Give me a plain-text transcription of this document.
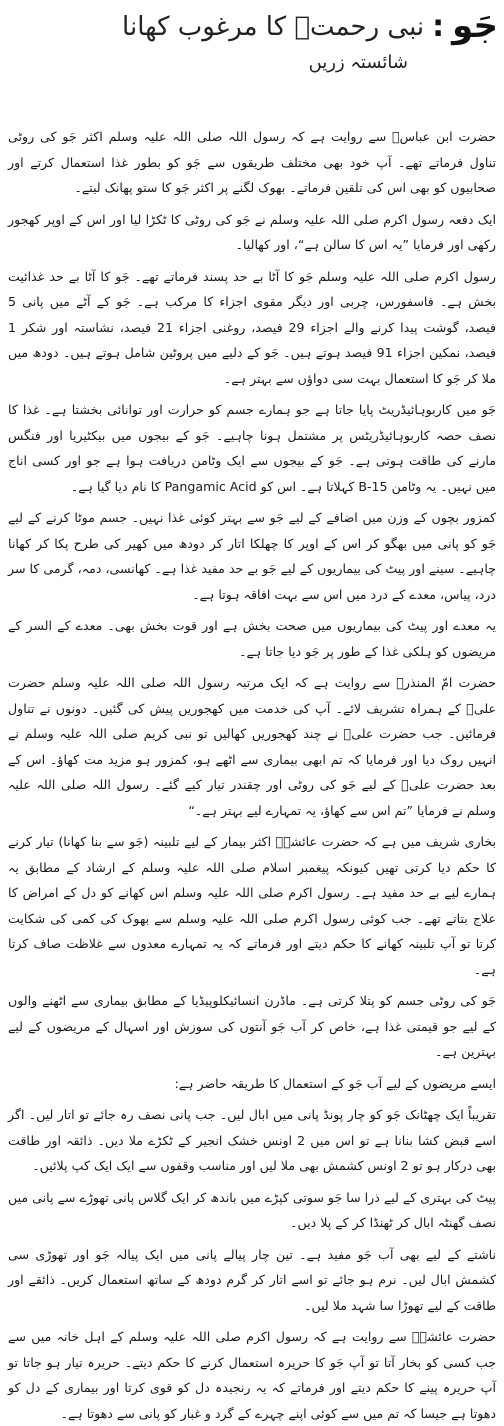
جَو
:
نبی رحمتؐ کا مرغوب کھانا
شائستہ زریں

حضرت ابن عباسؓ سے روایت ہے کہ رسول اللہ صلی اللہ علیہ وسلم اکثر جَو کی روٹی تناول فرماتے تھے۔ آپ خود بھی مختلف طریقوں سے جَو کو بطور غذا استعمال کرتے اور صحابیوں کو بھی اس کی تلقین فرماتے۔ بھوک لگنے پر اکثر جَو کا ستو پھانک لیتے۔

ایک دفعہ رسول اکرم صلی اللہ علیہ وسلم نے جَو کی روٹی کا ٹکڑا لیا اور اس کے اوپر کھجور رکھی اور فرمایا ”یہ اس کا سالن ہے“، اور کھالیا۔

رسول اکرم صلی اللہ علیہ وسلم جَو کا آٹا بے حد پسند فرماتے تھے۔ جَو کا آٹا بے حد غذائیت بخش ہے۔ فاسفورس، چربی اور دیگر مقوی اجزاء کا مرکب ہے۔ جَو کے آٹے میں پانی 5 فیصد، گوشت پیدا کرنے والے اجزاء 29 فیصد، روغنی اجزاء 21 فیصد، نشاستہ اور شکر 1 فیصد، نمکین اجزاء 91 فیصد ہوتے ہیں۔ جَو کے دلیے میں پروٹین شامل ہوتے ہیں۔ دودھ میں ملا کر جَو کا استعمال بہت سی دواؤں سے بہتر ہے۔

جَو میں کاربوہائیڈریٹ پایا جاتا ہے جو ہمارے جسم کو حرارت اور توانائی بخشتا ہے۔ غذا کا نصف حصہ کاربوہائیڈریٹس پر مشتمل ہونا چاہیے۔ جَو کے بیجوں میں بیکٹیریا اور فنگس مارنے کی طاقت ہوتی ہے۔ جَو کے بیجوں سے ایک وٹامن دریافت ہوا ہے جو اور کسی اناج میں نہیں۔ یہ وٹامن B-15 کہلاتا ہے۔ اس کو Pangamic Acid کا نام دیا گیا ہے۔

کمزور بچوں کے وزن میں اضافے کے لیے جَو سے بہتر کوئی غذا نہیں۔ جسم موٹا کرنے کے لیے جَو کو پانی میں بھگو کر اس کے اوپر کا چھلکا اتار کر دودھ میں کھیر کی طرح پکا کر کھانا چاہیے۔ سینے اور پیٹ کی بیماریوں کے لیے جَو بے حد مفید غذا ہے۔ کھانسی، دمہ، گرمی کا سر درد، پیاس، معدے کے درد میں اس سے بہت افاقہ ہوتا ہے۔

یہ معدے اور پیٹ کی بیماریوں میں صحت بخش ہے اور قوت بخش بھی۔ معدے کے السر کے مریضوں کو ہلکی غذا کے طور پر جَو دیا جاتا ہے۔

حضرت امّ المنذرؓ سے روایت ہے کہ ایک مرتبہ رسول اللہ صلی اللہ علیہ وسلم حضرت علیؓ کے ہمراہ تشریف لائے۔ آپ کی خدمت میں کھجوریں پیش کی گئیں۔ دونوں نے تناول فرمائیں۔ جب حضرت علیؓ نے چند کھجوریں کھالیں تو نبی کریم صلی اللہ علیہ وسلم نے انہیں روک دیا اور فرمایا کہ تم ابھی بیماری سے اٹھے ہو، کمزور ہو مزید مت کھاؤ۔ اس کے بعد حضرت علیؓ کے لیے جَو کی روٹی اور چقندر تیار کیے گئے۔ رسول اللہ صلی اللہ علیہ وسلم نے فرمایا ”تم اس سے کھاؤ، یہ تمہارے لیے بہتر ہے۔“

بخاری شریف میں ہے کہ حضرت عائشہؓ اکثر بیمار کے لیے تلبینہ (جَو سے بنا کھانا) تیار کرنے کا حکم دیا کرتی تھیں کیونکہ پیغمبر اسلام صلی اللہ علیہ وسلم کے ارشاد کے مطابق یہ ہمارے لیے بے حد مفید ہے۔ رسول اکرم صلی اللہ علیہ وسلم اس کھانے کو دل کے امراض کا علاج بتاتے تھے۔ جب کوئی رسول اکرم صلی اللہ علیہ وسلم سے بھوک کی کمی کی شکایت کرتا تو آپ تلبینہ کھانے کا حکم دیتے اور فرماتے کہ یہ تمہارے معدوں سے غلاظت صاف کرتا ہے۔

جَو کی روٹی جسم کو پتلا کرتی ہے۔ ماڈرن انسائیکلوپیڈیا کے مطابق بیماری سے اٹھنے والوں کے لیے جو قیمتی غذا ہے، خاص کر آب جَو آنتوں کی سوزش اور اسہال کے مریضوں کے لیے بہترین ہے۔

ایسے مریضوں کے لیے آب جَو کے استعمال کا طریقہ حاضر ہے:

تقریباً ایک چھٹانک جَو کو چار پونڈ پانی میں ابال لیں۔ جب پانی نصف رہ جائے تو اتار لیں۔ اگر اسے قبض کشا بنانا ہے تو اس میں 2 اونس خشک انجیر کے ٹکڑے ملا دیں۔ ذائقہ اور طاقت بھی درکار ہو تو 2 اونس کشمش بھی ملا لیں اور مناسب وقفوں سے ایک ایک کپ پلائیں۔

پیٹ کی بہتری کے لیے ذرا سا جَو سوتی کپڑے میں باندھ کر ایک گلاس پانی تھوڑے سے پانی میں نصف گھنٹہ ابال کر ٹھنڈا کر کے پلا دیں۔

ناشتے کے لیے بھی آب جَو مفید ہے۔ تین چار پیالے پانی میں ایک پیالہ جَو اور تھوڑی سی کشمش ابال لیں۔ نرم ہو جائے تو اسے اتار کر گرم دودھ کے ساتھ استعمال کریں۔ ذائقے اور طاقت کے لیے تھوڑا سا شہد ملا لیں۔

حضرت عائشہؓ سے روایت ہے کہ رسول اکرم صلی اللہ علیہ وسلم کے اہل خانہ میں سے جب کسی کو بخار آتا تو آپ جَو کا حریرہ استعمال کرنے کا حکم دیتے۔ حریرہ تیار ہو جاتا تو آپ حریرہ پینے کا حکم دیتے اور فرماتے کہ یہ رنجیدہ دل کو قوی کرتا اور بیماری کے دل کو دھوتا ہے جیسا کہ تم میں سے کوئی اپنے چہرے کے گرد و غبار کو پانی سے دھوتا ہے۔
